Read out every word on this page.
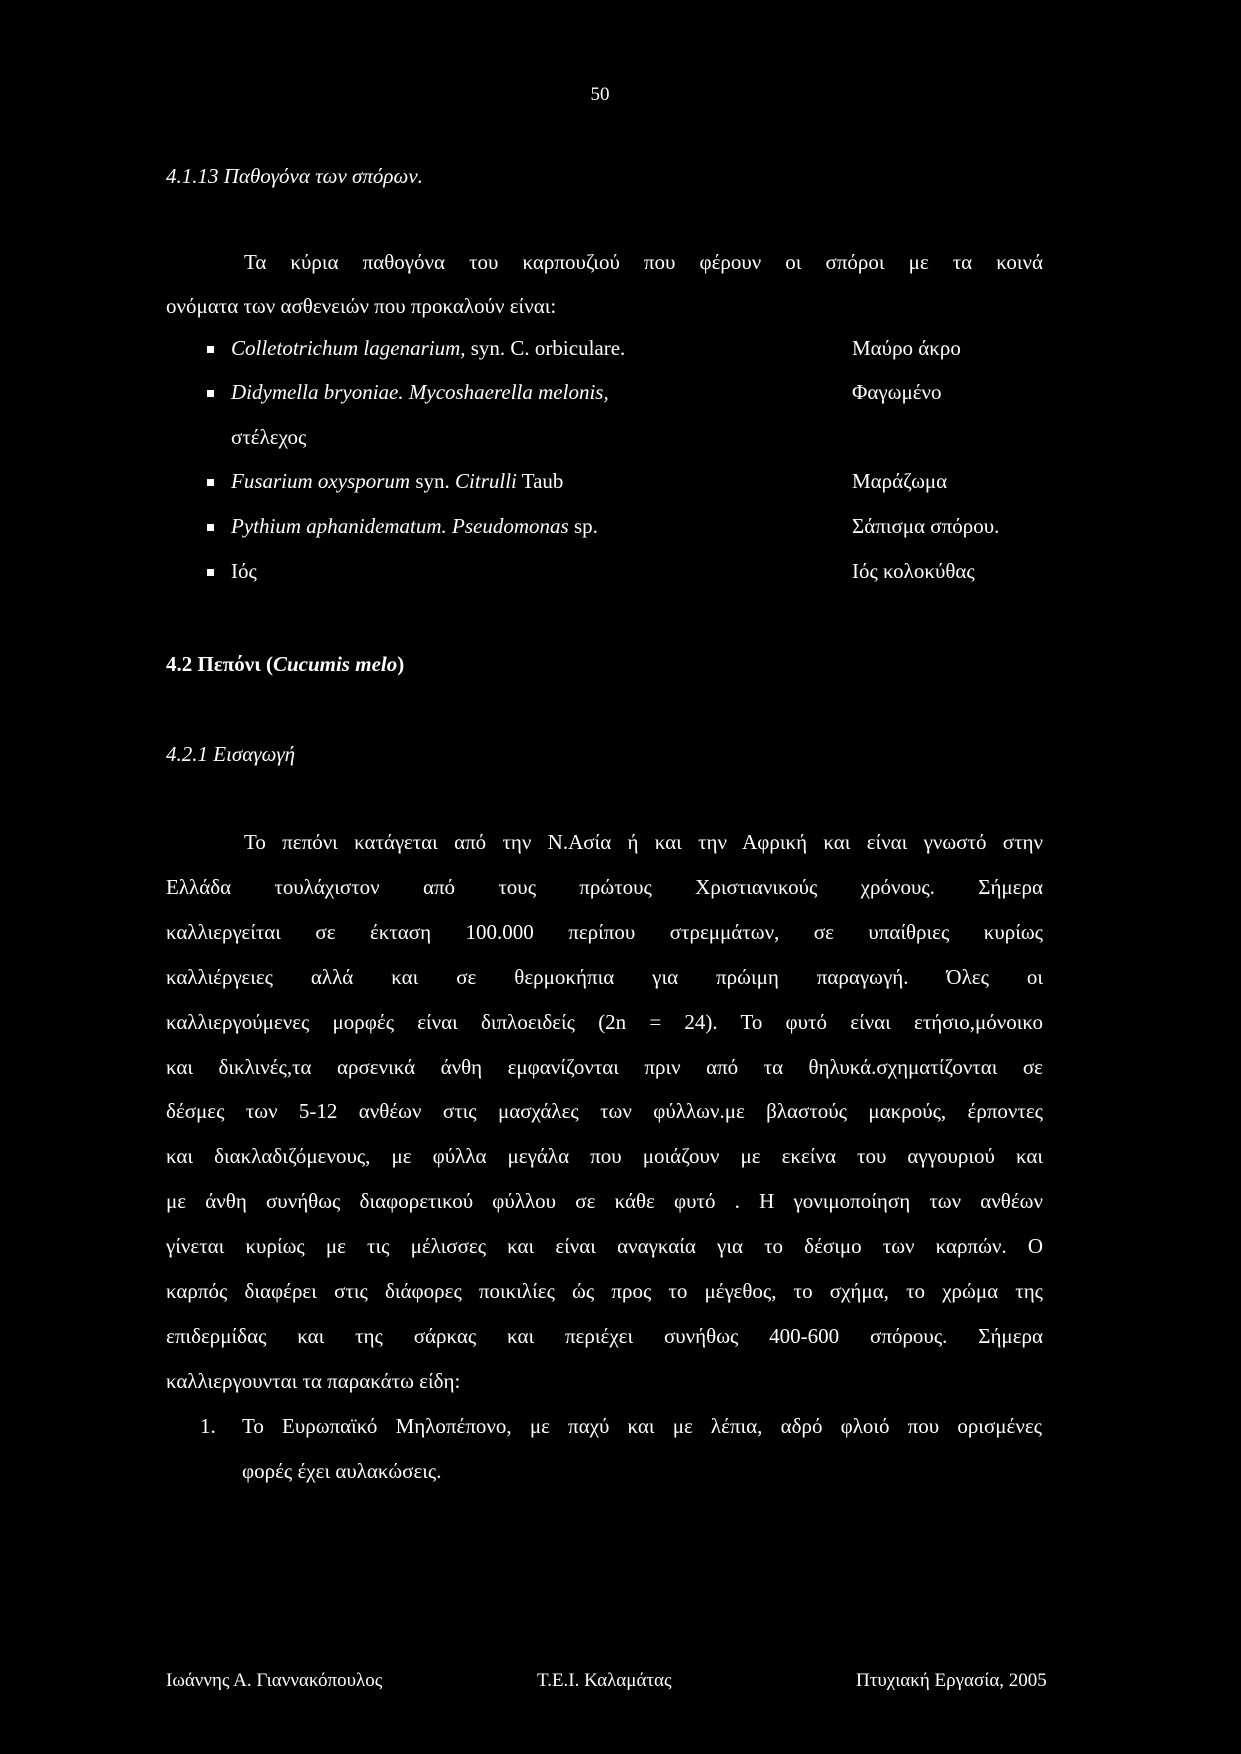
50
4.1.13 Παθογόνα των σπόρων.
Τα κύρια παθογόνα του καρπουζιού που φέρουν οι σπόροι με τα κοινά
ονόματα των ασθενειών που προκαλούν είναι:
Colletotrichum lagenarium, syn. C. orbiculare.	Μαύρο άκρο
Didymella bryoniae. Mycoshaerella melonis,	Φαγωμένο
στέλεχος
Fusarium oxysporum syn. Citrulli Taub	Μαράζωμα
Pythium aphanidematum. Pseudomonas sp.	Σάπισμα σπόρου.
Ιός	Ιός κολοκύθας
4.2 Πεπόνι (Cucumis melo)
4.2.1 Εισαγωγή
Το πεπόνι κατάγεται από την Ν.Ασία ή και την Αφρική και είναι γνωστό στην
Ελλάδα τουλάχιστον από τους πρώτους Χριστιανικούς χρόνους. Σήμερα
καλλιεργείται σε έκταση 100.000 περίπου στρεμμάτων, σε υπαίθριες κυρίως
καλλιέργειες αλλά και σε θερμοκήπια για πρώιμη παραγωγή. Όλες οι
καλλιεργούμενες μορφές είναι διπλοειδείς (2n = 24). Το φυτό είναι ετήσιο,μόνοικο
και δικλινές,τα αρσενικά άνθη εμφανίζονται πριν από τα θηλυκά.σχηματίζονται σε
δέσμες των 5-12 ανθέων στις μασχάλες των φύλλων.με βλαστούς μακρούς, έρποντες
και διακλαδιζόμενους, με φύλλα μεγάλα που μοιάζουν με εκείνα του αγγουριού και
με άνθη συνήθως διαφορετικού φύλλου σε κάθε φυτό . Η γονιμοποίηση των ανθέων
γίνεται κυρίως με τις μέλισσες και είναι αναγκαία για το δέσιμο των καρπών. Ο
καρπός διαφέρει στις διάφορες ποικιλίες ώς προς το μέγεθος, το σχήμα, το χρώμα της
επιδερμίδας και της σάρκας και περιέχει συνήθως 400-600 σπόρους. Σήμερα
καλλιεργουνται τα παρακάτω είδη:
1. Το Ευρωπαϊκό Μηλοπέπονο, με παχύ και με λέπια, αδρό φλοιό που ορισμένες
φορές έχει αυλακώσεις.
Ιωάννης Α. Γιαννακόπουλος	Τ.Ε.Ι. Καλαμάτας	Πτυχιακή Εργασία, 2005
